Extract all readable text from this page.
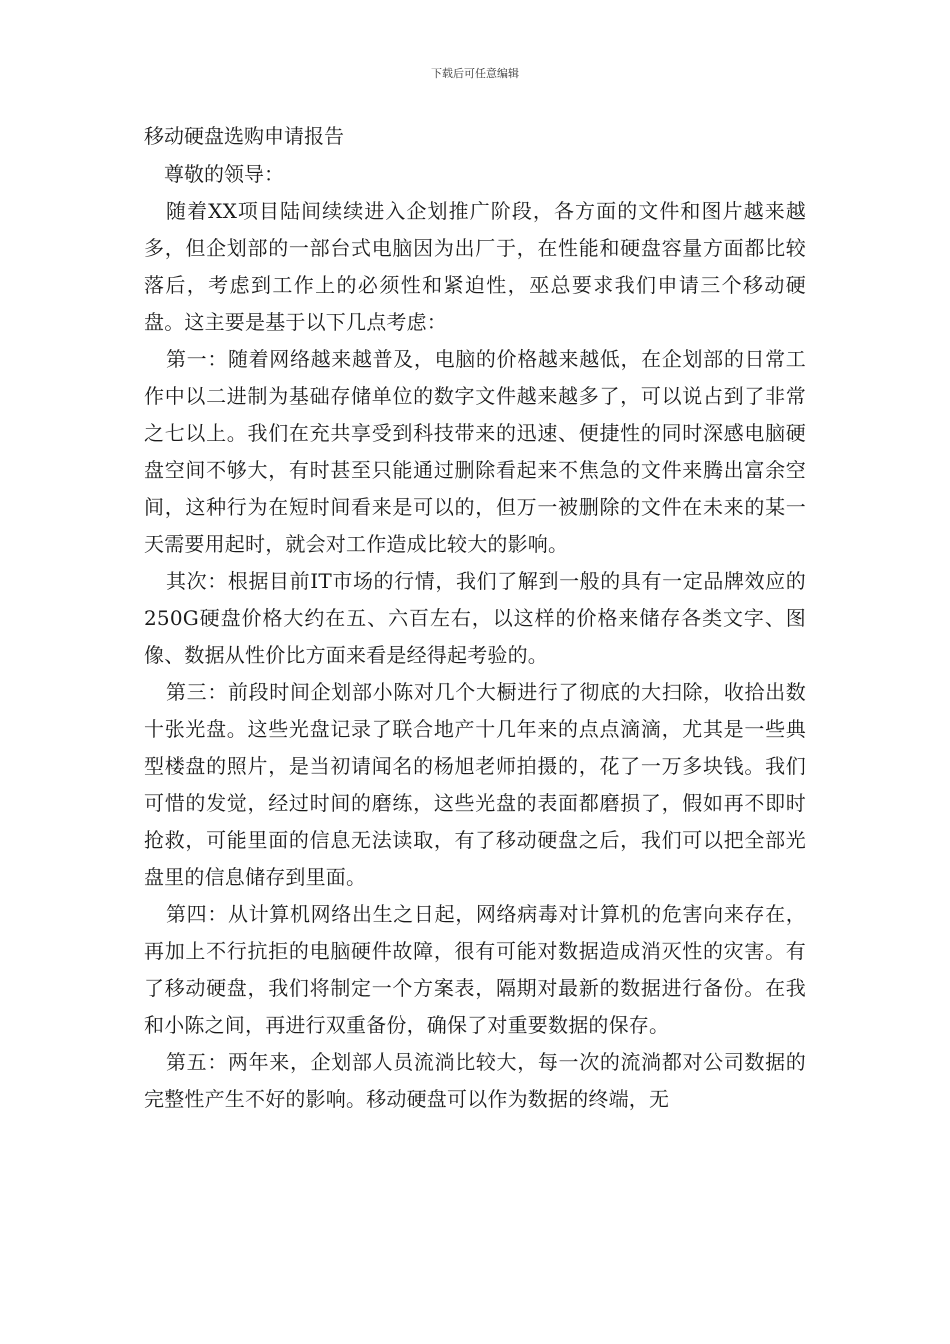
下载后可任意编辑
移动硬盘选购申请报告

尊敬的领导：

随着XX项目陆间续续进入企划推广阶段，各方面的文件和图片越来越多，但企划部的一部台式电脑因为出厂于，在性能和硬盘容量方面都比较落后，考虑到工作上的必须性和紧迫性，巫总要求我们申请三个移动硬盘。这主要是基于以下几点考虑：

第一：随着网络越来越普及，电脑的价格越来越低，在企划部的日常工作中以二进制为基础存储单位的数字文件越来越多了，可以说占到了非常之七以上。我们在充共享受到科技带来的迅速、便捷性的同时深感电脑硬盘空间不够大，有时甚至只能通过删除看起来不焦急的文件来腾出富余空间，这种行为在短时间看来是可以的，但万一被删除的文件在未来的某一天需要用起时，就会对工作造成比较大的影响。

其次：根据目前IT市场的行情，我们了解到一般的具有一定品牌效应的250G硬盘价格大约在五、六百左右，以这样的价格来储存各类文字、图像、数据从性价比方面来看是经得起考验的。

第三：前段时间企划部小陈对几个大橱进行了彻底的大扫除，收拾出数十张光盘。这些光盘记录了联合地产十几年来的点点滴滴，尤其是一些典型楼盘的照片，是当初请闻名的杨旭老师拍摄的，花了一万多块钱。我们可惜的发觉，经过时间的磨练，这些光盘的表面都磨损了，假如再不即时抢救，可能里面的信息无法读取，有了移动硬盘之后，我们可以把全部光盘里的信息储存到里面。

第四：从计算机网络出生之日起，网络病毒对计算机的危害向来存在，再加上不行抗拒的电脑硬件故障，很有可能对数据造成消灭性的灾害。有了移动硬盘，我们将制定一个方案表，隔期对最新的数据进行备份。在我和小陈之间，再进行双重备份，确保了对重要数据的保存。

第五：两年来，企划部人员流淌比较大，每一次的流淌都对公司数据的完整性产生不好的影响。移动硬盘可以作为数据的终端，无
